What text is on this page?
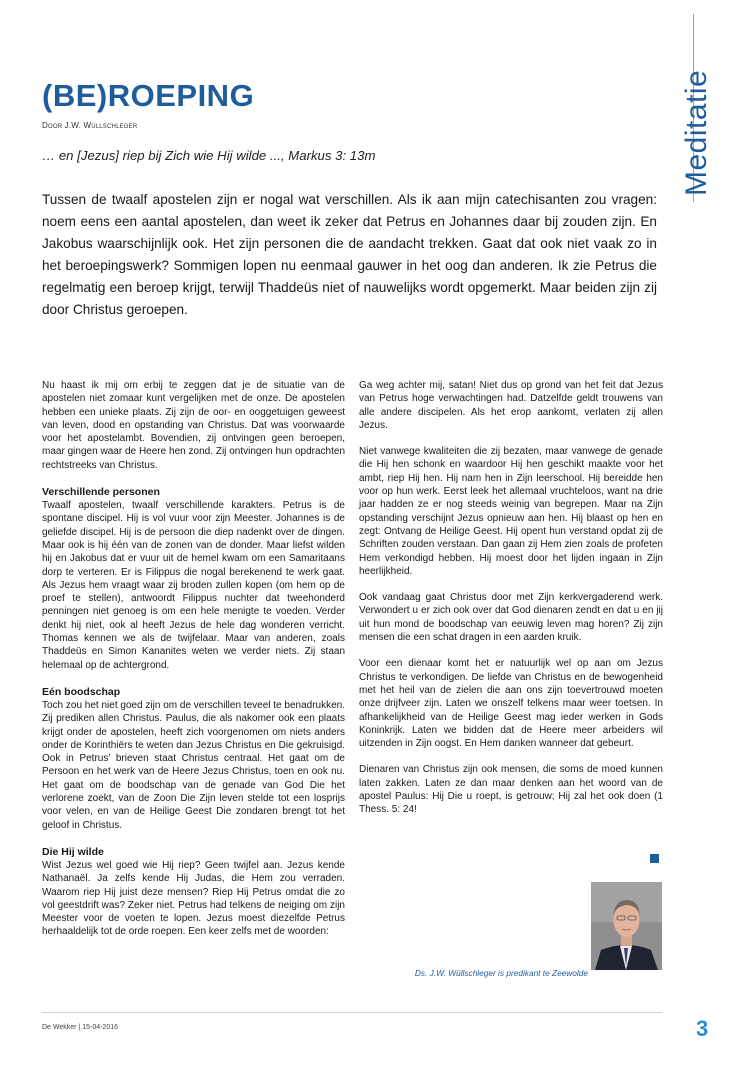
Meditatie
(BE)ROEPING
Door J.W. Wüllschleger
… en [Jezus] riep bij Zich wie Hij wilde ..., Markus 3: 13m

Tussen de twaalf apostelen zijn er nogal wat verschillen. Als ik aan mijn catechisanten zou vragen: noem eens een aantal apostelen, dan weet ik zeker dat Petrus en Johannes daar bij zouden zijn. En Jakobus waarschijnlijk ook. Het zijn personen die de aandacht trekken. Gaat dat ook niet vaak zo in het beroepingswerk? Sommigen lopen nu eenmaal gauwer in het oog dan anderen. Ik zie Petrus die regelmatig een beroep krijgt, terwijl Thaddeüs niet of nauwelijks wordt opgemerkt. Maar beiden zijn zij door Christus geroepen.

Nu haast ik mij om erbij te zeggen dat je de situatie van de apostelen niet zomaar kunt vergelijken met de onze. De apostelen hebben een unieke plaats. Zij zijn de oor- en ooggetuigen geweest van leven, dood en opstanding van Christus. Dat was voorwaarde voor het apostelambt. Bovendien, zij ontvingen geen beroepen, maar gingen waar de Heere hen zond. Zij ontvingen hun opdrachten rechtstreeks van Christus.

Verschillende personen

Twaalf apostelen, twaalf verschillende karakters. Petrus is de spontane discipel. Hij is vol vuur voor zijn Meester. Johannes is de geliefde discipel. Hij is de persoon die diep nadenkt over de dingen. Maar ook is hij één van de zonen van de donder. Maar liefst wilden hij en Jakobus dat er vuur uit de hemel kwam om een Samaritaans dorp te verteren. Er is Filippus die nogal berekenend te werk gaat. Als Jezus hem vraagt waar zij broden zullen kopen (om hem op de proef te stellen), antwoordt Filippus nuchter dat tweehonderd penningen niet genoeg is om een hele menigte te voeden. Verder denkt hij niet, ook al heeft Jezus de hele dag wonderen verricht. Thomas kennen we als de twijfelaar. Maar van anderen, zoals Thaddeüs en Simon Kananites weten we verder niets. Zij staan helemaal op de achtergrond.

Eén boodschap

Toch zou het niet goed zijn om de verschillen teveel te benadrukken. Zij prediken allen Christus. Paulus, die als nakomer ook een plaats krijgt onder de apostelen, heeft zich voorgenomen om niets anders onder de Korinthiërs te weten dan Jezus Christus en Die gekruisigd. Ook in Petrus’ brieven staat Christus centraal. Het gaat om de Persoon en het werk van de Heere Jezus Christus, toen en ook nu. Het gaat om de boodschap van de genade van God Die het verlorene zoekt, van de Zoon Die Zijn leven stelde tot een losprijs voor velen, en van de Heilige Geest Die zondaren brengt tot het geloof in Christus.

Die Hij wilde

Wist Jezus wel goed wie Hij riep? Geen twijfel aan. Jezus kende Nathanaël. Ja zelfs kende Hij Judas, die Hem zou verraden. Waarom riep Hij juist deze mensen? Riep Hij Petrus omdat die zo vol geestdrift was? Zeker niet. Petrus had telkens de neiging om zijn Meester voor de voeten te lopen. Jezus moest diezelfde Petrus herhaaldelijk tot de orde roepen. Een keer zelfs met de woorden:

Ga weg achter mij, satan! Niet dus op grond van het feit dat Jezus van Petrus hoge verwachtingen had. Datzelfde geldt trouwens van alle andere discipelen. Als het erop aankomt, verlaten zij allen Jezus.

Niet vanwege kwaliteiten die zij bezaten, maar vanwege de genade die Hij hen schonk en waardoor Hij hen geschikt maakte voor het ambt, riep Hij hen. Hij nam hen in Zijn leerschool. Hij bereidde hen voor op hun werk. Eerst leek het allemaal vruchteloos, want na drie jaar hadden ze er nog steeds weinig van begrepen. Maar na Zijn opstanding verschijnt Jezus opnieuw aan hen. Hij blaast op hen en zegt: Ontvang de Heilige Geest. Hij opent hun verstand opdat zij de Schriften zouden verstaan. Dan gaan zij Hem zien zoals de profeten Hem verkondigd hebben. Hij moest door het lijden ingaan in Zijn heerlijkheid.

Ook vandaag gaat Christus door met Zijn kerkvergaderend werk. Verwondert u er zich ook over dat God dienaren zendt en dat u en jij uit hun mond de boodschap van eeuwig leven mag horen? Zij zijn mensen die een schat dragen in een aarden kruik.

Voor een dienaar komt het er natuurlijk wel op aan om Jezus Christus te verkondigen. De liefde van Christus en de bewogenheid met het heil van de zielen die aan ons zijn toevertrouwd moeten onze drijfveer zijn. Laten we onszelf telkens maar weer toetsen. In afhankelijkheid van de Heilige Geest mag ieder werken in Gods Koninkrijk. Laten we bidden dat de Heere meer arbeiders wil uitzenden in Zijn oogst. En Hem danken wanneer dat gebeurt.

Dienaren van Christus zijn ook mensen, die soms de moed kunnen laten zakken. Laten ze dan maar denken aan het woord van de apostel Paulus: Hij Die u roept, is getrouw; Hij zal het ook doen (1 Thess. 5: 24!

Ds. J.W. Wüllschleger is predikant te Zeewolde
De Wekker | 15-04-2016	3
